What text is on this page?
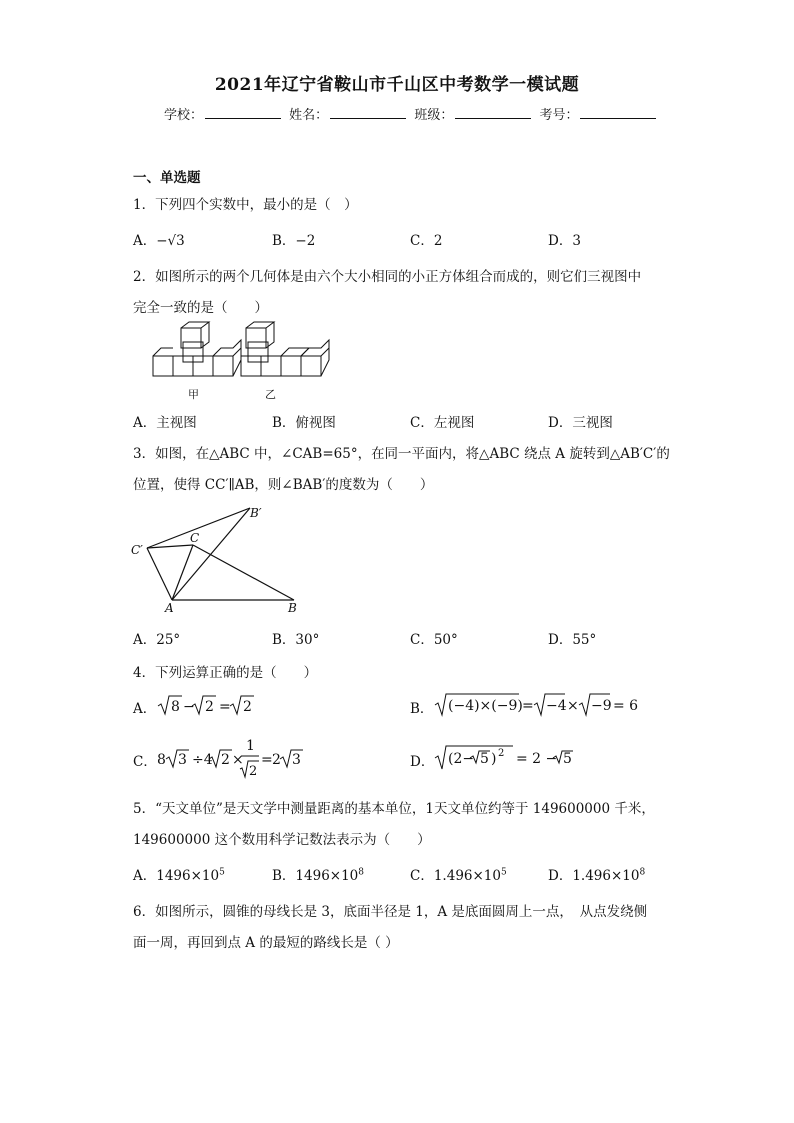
2021年辽宁省鞍山市千山区中考数学一模试题
学校：	姓名：	班级：	考号：
一、单选题
1．下列四个实数中，最小的是（　）
A．−√3	B．−2	C．2	D．3
2．如图所示的两个几何体是由六个大小相同的小正方体组合而成的，则它们三视图中
完全一致的是（　　）
甲	乙
A．主视图	B．俯视图	C．左视图	D．三视图
3．如图，在△ABC 中，∠CAB=65°，在同一平面内，将△ABC 绕点 A 旋转到△AB′C′的
位置，使得 CC′∥AB，则∠BAB′的度数为（　　）
A	B
C
B′
C′
A．25°	B．30°	C．50°	D．55°
4．下列运算正确的是（　　）
A． 8 − 2 = 2	B． (−4)×(−9) = −4 × −9 = 6
C． 8 3 ÷4 2 ×
1
2
= 2 3	D． (2− 5 ) 2 = 2 − 5
5．“天文单位”是天文学中测量距离的基本单位，1天文单位约等于 149600000 千米，
149600000 这个数用科学记数法表示为（　　）
A．$1496\times 10^5$	B．$1496\times 10^8$	C．$1.496\times 10^5$	D．$1.496\times 10^8$
6．如图所示，圆锥的母线长是 3，底面半径是 1，A 是底面圆周上一点，　从点发绕侧
面一周，再回到点 A 的最短的路线长是（ ）
